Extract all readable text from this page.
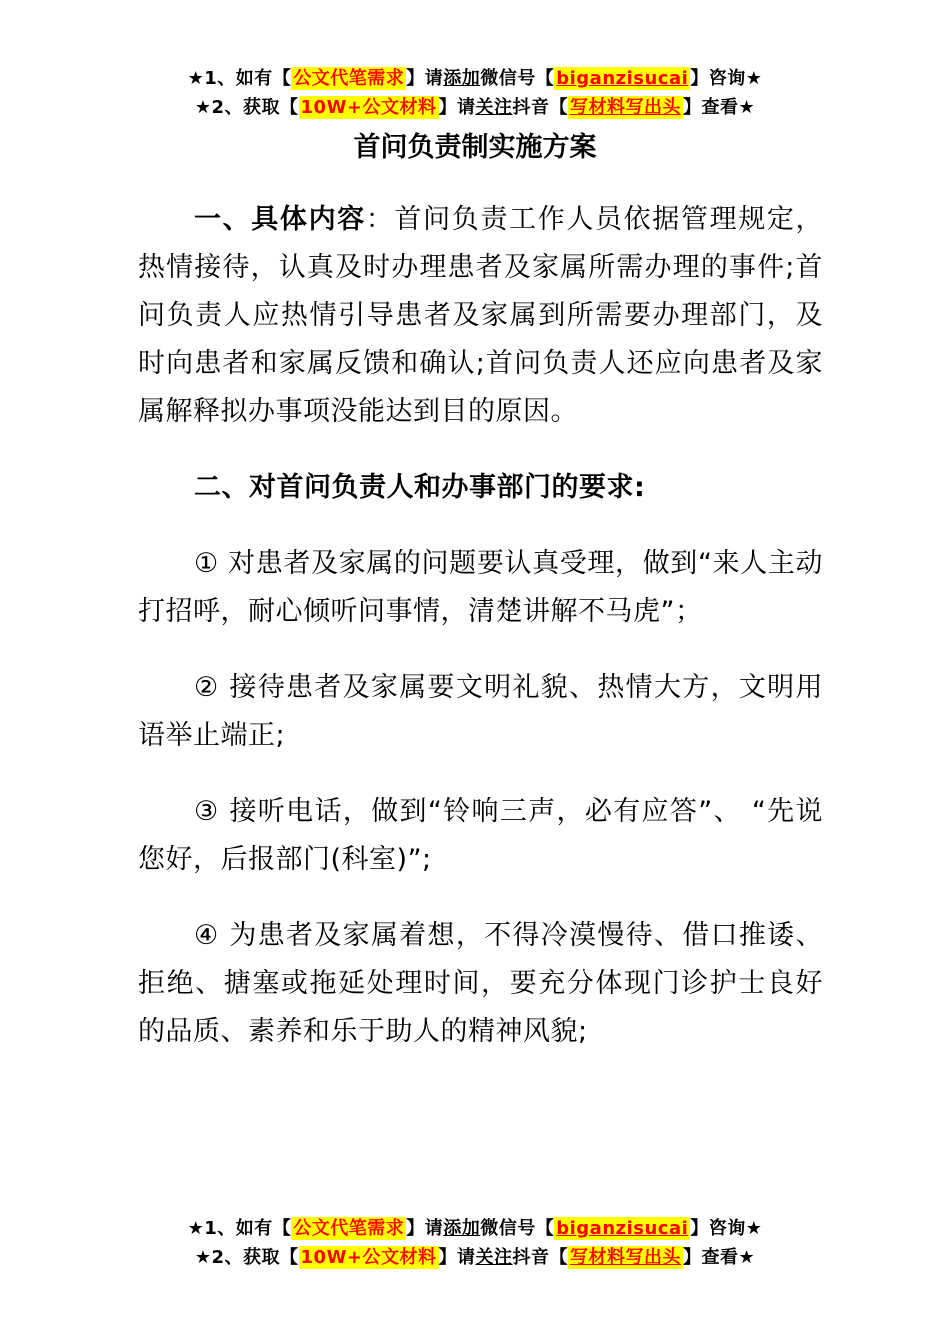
★1、如有【 公文代笔需求 】请添加微信号【 biganzisucai 】咨询★
★2、获取【 10W+公文材料 】请关注抖音【 写材料写出头 】查看★
首问负责制实施方案

一、具体内容：首问负责工作人员依据管理规定，热情接待，认真及时办理患者及家属所需办理的事件;首问负责人应热情引导患者及家属到所需要办理部门，及时向患者和家属反馈和确认;首问负责人还应向患者及家属解释拟办事项没能达到目的原因。

二、对首问负责人和办事部门的要求:

① 对患者及家属的问题要认真受理，做到“来人主动打招呼，耐心倾听问事情，清楚讲解不马虎”；

② 接待患者及家属要文明礼貌、热情大方，文明用语举止端正;

③ 接听电话，做到“铃响三声，必有应答”、 “先说您好，后报部门(科室)”;

④ 为患者及家属着想，不得冷漠慢待、借口推诿、拒绝、搪塞或拖延处理时间，要充分体现门诊护士良好的品质、素养和乐于助人的精神风貌;

★1、如有【 公文代笔需求 】请添加微信号【 biganzisucai 】咨询★
★2、获取【 10W+公文材料 】请关注抖音【 写材料写出头 】查看★
